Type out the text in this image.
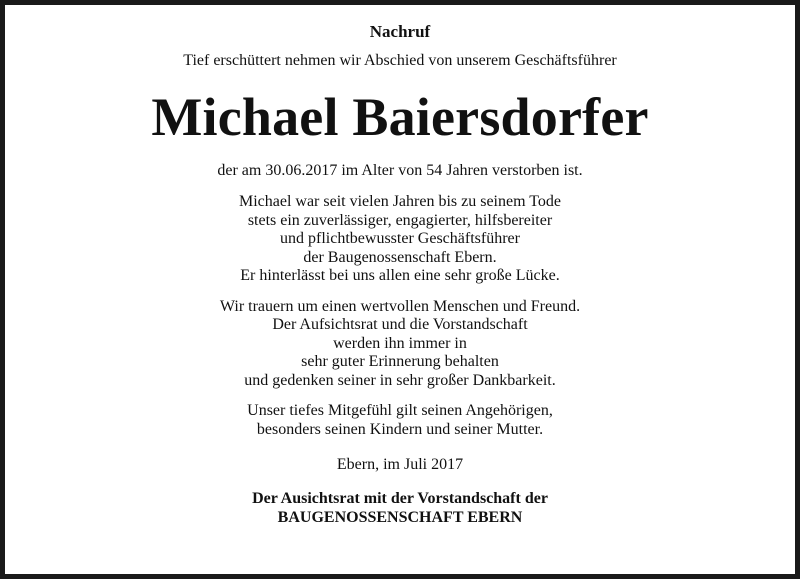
Nachruf

Tief erschüttert nehmen wir Abschied von unserem Geschäftsführer

Michael Baiersdorfer

der am 30.06.2017 im Alter von 54 Jahren verstorben ist.

Michael war seit vielen Jahren bis zu seinem Tode
stets ein zuverlässiger, engagierter, hilfsbereiter
und pflichtbewusster Geschäftsführer
der Baugenossenschaft Ebern.
Er hinterlässt bei uns allen eine sehr große Lücke.
Wir trauern um einen wertvollen Menschen und Freund.
Der Aufsichtsrat und die Vorstandschaft
werden ihn immer in
sehr guter Erinnerung behalten
und gedenken seiner in sehr großer Dankbarkeit.
Unser tiefes Mitgefühl gilt seinen Angehörigen,
besonders seinen Kindern und seiner Mutter.

Ebern, im Juli 2017

Der Ausichtsrat mit der Vorstandschaft der
BAUGENOSSENSCHAFT EBERN
